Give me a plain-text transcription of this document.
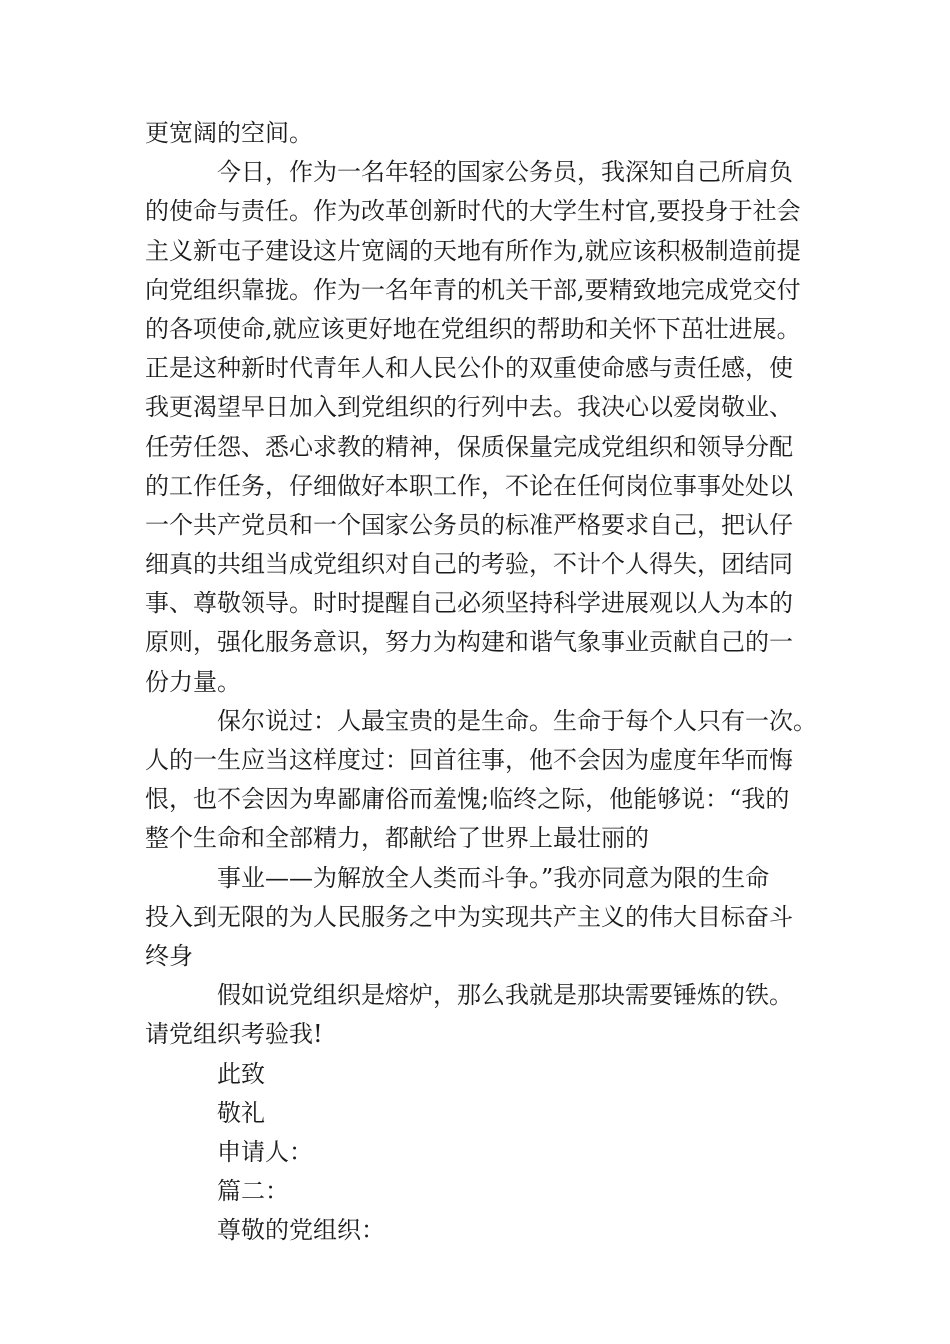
更宽阔的空间。
今日，作为一名年轻的国家公务员，我深知自己所肩负
的使命与责任。作为改革创新时代的大学生村官,要投身于社会
主义新屯子建设这片宽阔的天地有所作为,就应该积极制造前提
向党组织靠拢。作为一名年青的机关干部,要精致地完成党交付
的各项使命,就应该更好地在党组织的帮助和关怀下茁壮进展。
正是这种新时代青年人和人民公仆的双重使命感与责任感，使
我更渴望早日加入到党组织的行列中去。我决心以爱岗敬业、
任劳任怨、悉心求教的精神，保质保量完成党组织和领导分配
的工作任务，仔细做好本职工作，不论在任何岗位事事处处以
一个共产党员和一个国家公务员的标准严格要求自己，把认仔
细真的共组当成党组织对自己的考验，不计个人得失，团结同
事、尊敬领导。时时提醒自己必须坚持科学进展观以人为本的
原则，强化服务意识，努力为构建和谐气象事业贡献自己的一
份力量。
保尔说过：人最宝贵的是生命。生命于每个人只有一次。
人的一生应当这样度过：回首往事，他不会因为虚度年华而悔
恨，也不会因为卑鄙庸俗而羞愧;临终之际，他能够说：“我的
整个生命和全部精力，都献给了世界上最壮丽的
事业——为解放全人类而斗争。”我亦同意为限的生命
投入到无限的为人民服务之中为实现共产主义的伟大目标奋斗
终身
假如说党组织是熔炉，那么我就是那块需要锤炼的铁。
请党组织考验我!
此致
敬礼
申请人：
篇二：
尊敬的党组织：
